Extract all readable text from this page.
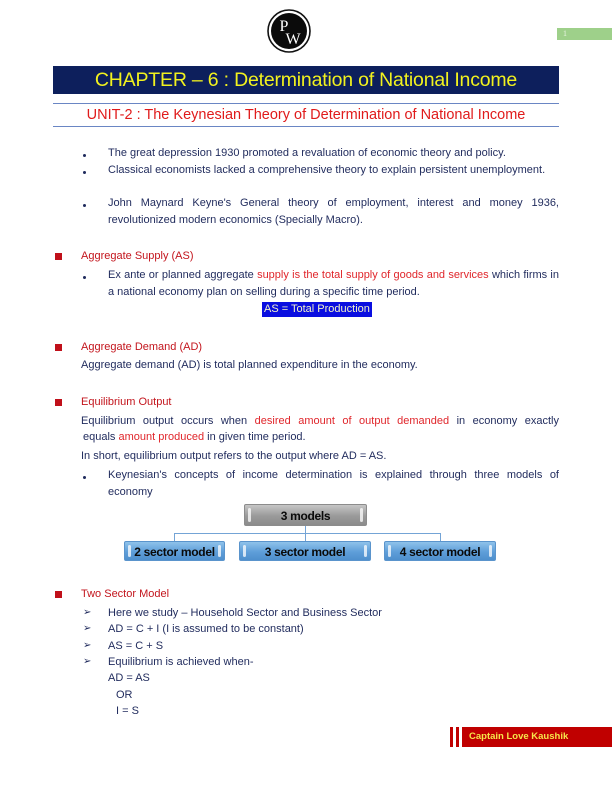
P
W	1
CHAPTER – 6 : Determination of National Income
UNIT-2 : The Keynesian Theory of Determination of National Income
The great depression 1930 promoted a revaluation of economic theory and policy.
Classical economists lacked a comprehensive theory to explain persistent unemployment.
John Maynard Keyne's General theory of employment, interest and money 1936, revolutionized modern economics (Specially Macro).
Aggregate Supply (AS)
Ex ante or planned aggregate supply is the total supply of goods and services which firms in a national economy plan on selling during a specific time period.
AS = Total Production
Aggregate Demand (AD)
Aggregate demand (AD) is total planned expenditure in the economy.
Equilibrium Output
Equilibrium output occurs when desired amount of output demanded in economy exactly
equals amount produced in given time period.
In short, equilibrium output refers to the output where AD = AS.
Keynesian's concepts of income determination is explained through three models of economy
3 models
2 sector model	3 sector model	4 sector model
Two Sector Model
➢ Here we study – Household Sector and Business Sector
➢ AD = C + I (I is assumed to be constant)
➢ AS = C + S
➢ Equilibrium is achieved when-
AD = AS
OR
I = S
Captain Love Kaushik
